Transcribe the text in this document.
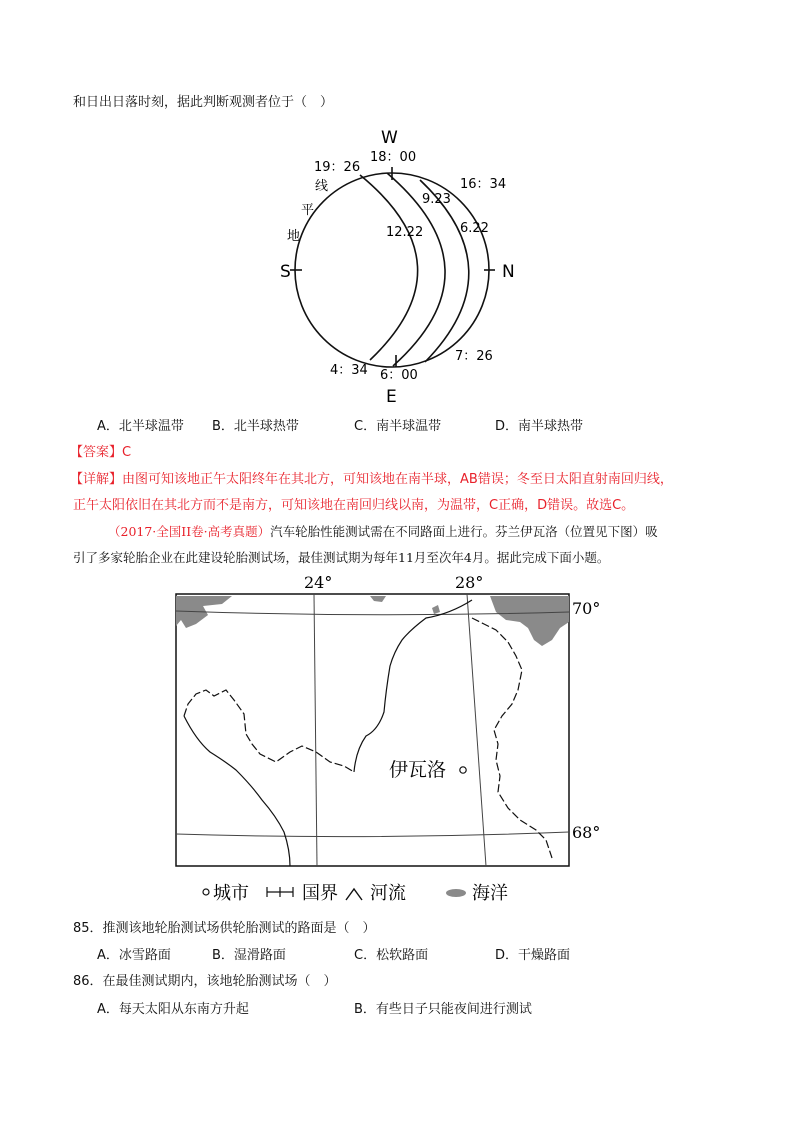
和日出日落时刻，据此判断观测者位于（　）
W
E
S	N
19：26
18：00
16：34
9.23
12.22	6.22
线
平
地
4：34 6：00
7：26
A．北半球温带 B．北半球热带	C．南半球温带	D．南半球热带
【答案】C
【详解】由图可知该地正午太阳终年在其北方，可知该地在南半球，AB错误；冬至日太阳直射南回归线，
正午太阳依旧在其北方而不是南方，可知该地在南回归线以南，为温带，C正确，D错误。故选C。
（2017·全国II卷·高考真题）汽车轮胎性能测试需在不同路面上进行。芬兰伊瓦洛（位置见下图）吸
引了多家轮胎企业在此建设轮胎测试场，最佳测试期为每年11月至次年4月。据此完成下面小题。
伊瓦洛
24°	28°
70°
68°
城市	国界 河流	海洋
85．推测该地轮胎测试场供轮胎测试的路面是（　）
A．冰雪路面	B．湿滑路面	C．松软路面	D．干燥路面
86．在最佳测试期内，该地轮胎测试场（　）
A．每天太阳从东南方升起	B．有些日子只能夜间进行测试
